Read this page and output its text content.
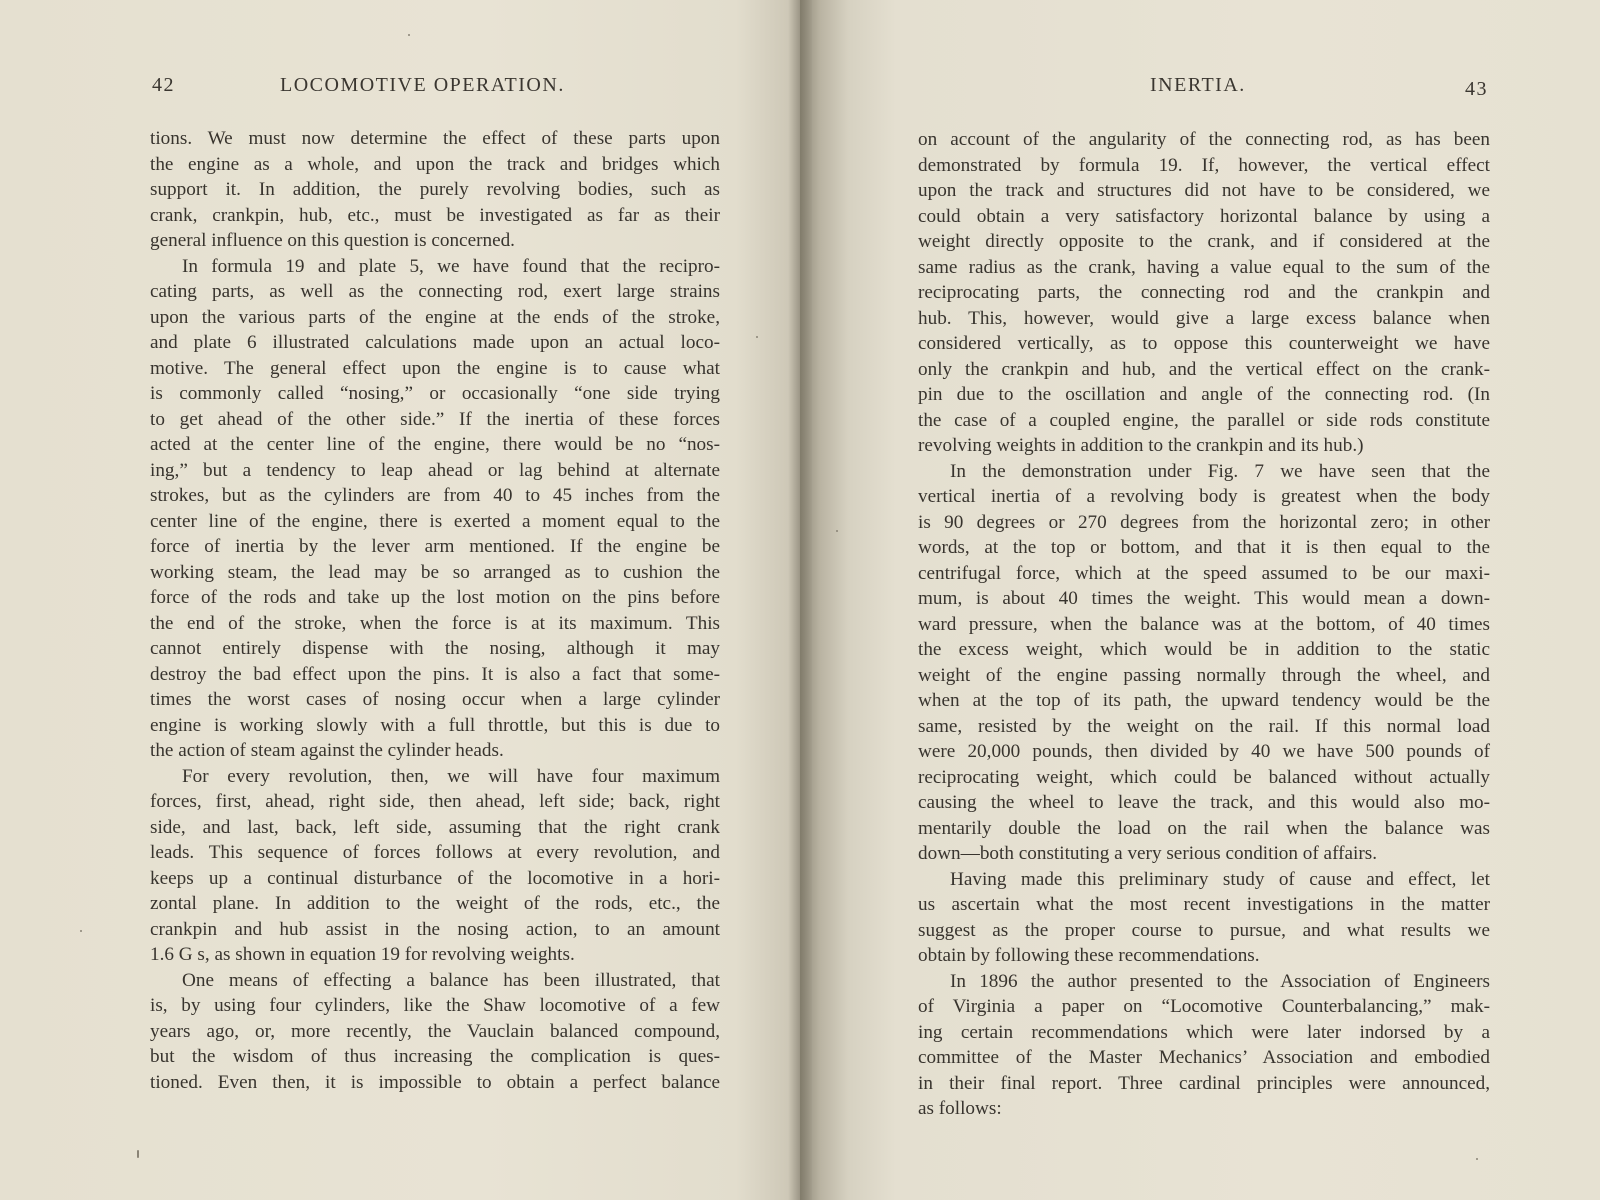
42	LOCOMOTIVE OPERATION.
tions. We must now determine the effect of these parts upon
the engine as a whole, and upon the track and bridges which
support it. In addition, the purely revolving bodies, such as
crank, crankpin, hub, etc., must be investigated as far as their
general influence on this question is concerned.
In formula 19 and plate 5, we have found that the recipro-
cating parts, as well as the connecting rod, exert large strains
upon the various parts of the engine at the ends of the stroke,
and plate 6 illustrated calculations made upon an actual loco-
motive. The general effect upon the engine is to cause what
is commonly called “nosing,” or occasionally “one side trying
to get ahead of the other side.” If the inertia of these forces
acted at the center line of the engine, there would be no “nos-
ing,” but a tendency to leap ahead or lag behind at alternate
strokes, but as the cylinders are from 40 to 45 inches from the
center line of the engine, there is exerted a moment equal to the
force of inertia by the lever arm mentioned. If the engine be
working steam, the lead may be so arranged as to cushion the
force of the rods and take up the lost motion on the pins before
the end of the stroke, when the force is at its maximum. This
cannot entirely dispense with the nosing, although it may
destroy the bad effect upon the pins. It is also a fact that some-
times the worst cases of nosing occur when a large cylinder
engine is working slowly with a full throttle, but this is due to
the action of steam against the cylinder heads.
For every revolution, then, we will have four maximum
forces, first, ahead, right side, then ahead, left side; back, right
side, and last, back, left side, assuming that the right crank
leads. This sequence of forces follows at every revolution, and
keeps up a continual disturbance of the locomotive in a hori-
zontal plane. In addition to the weight of the rods, etc., the
crankpin and hub assist in the nosing action, to an amount
1.6 G s, as shown in equation 19 for revolving weights.
One means of effecting a balance has been illustrated, that
is, by using four cylinders, like the Shaw locomotive of a few
years ago, or, more recently, the Vauclain balanced compound,
but the wisdom of thus increasing the complication is ques-
tioned. Even then, it is impossible to obtain a perfect balance
INERTIA.	43
on account of the angularity of the connecting rod, as has been
demonstrated by formula 19. If, however, the vertical effect
upon the track and structures did not have to be considered, we
could obtain a very satisfactory horizontal balance by using a
weight directly opposite to the crank, and if considered at the
same radius as the crank, having a value equal to the sum of the
reciprocating parts, the connecting rod and the crankpin and
hub. This, however, would give a large excess balance when
considered vertically, as to oppose this counterweight we have
only the crankpin and hub, and the vertical effect on the crank-
pin due to the oscillation and angle of the connecting rod. (In
the case of a coupled engine, the parallel or side rods constitute
revolving weights in addition to the crankpin and its hub.)
In the demonstration under Fig. 7 we have seen that the
vertical inertia of a revolving body is greatest when the body
is 90 degrees or 270 degrees from the horizontal zero; in other
words, at the top or bottom, and that it is then equal to the
centrifugal force, which at the speed assumed to be our maxi-
mum, is about 40 times the weight. This would mean a down-
ward pressure, when the balance was at the bottom, of 40 times
the excess weight, which would be in addition to the static
weight of the engine passing normally through the wheel, and
when at the top of its path, the upward tendency would be the
same, resisted by the weight on the rail. If this normal load
were 20,000 pounds, then divided by 40 we have 500 pounds of
reciprocating weight, which could be balanced without actually
causing the wheel to leave the track, and this would also mo-
mentarily double the load on the rail when the balance was
down—both constituting a very serious condition of affairs.
Having made this preliminary study of cause and effect, let
us ascertain what the most recent investigations in the matter
suggest as the proper course to pursue, and what results we
obtain by following these recommendations.
In 1896 the author presented to the Association of Engineers
of Virginia a paper on “Locomotive Counterbalancing,” mak-
ing certain recommendations which were later indorsed by a
committee of the Master Mechanics’ Association and embodied
in their final report. Three cardinal principles were announced,
as follows:
